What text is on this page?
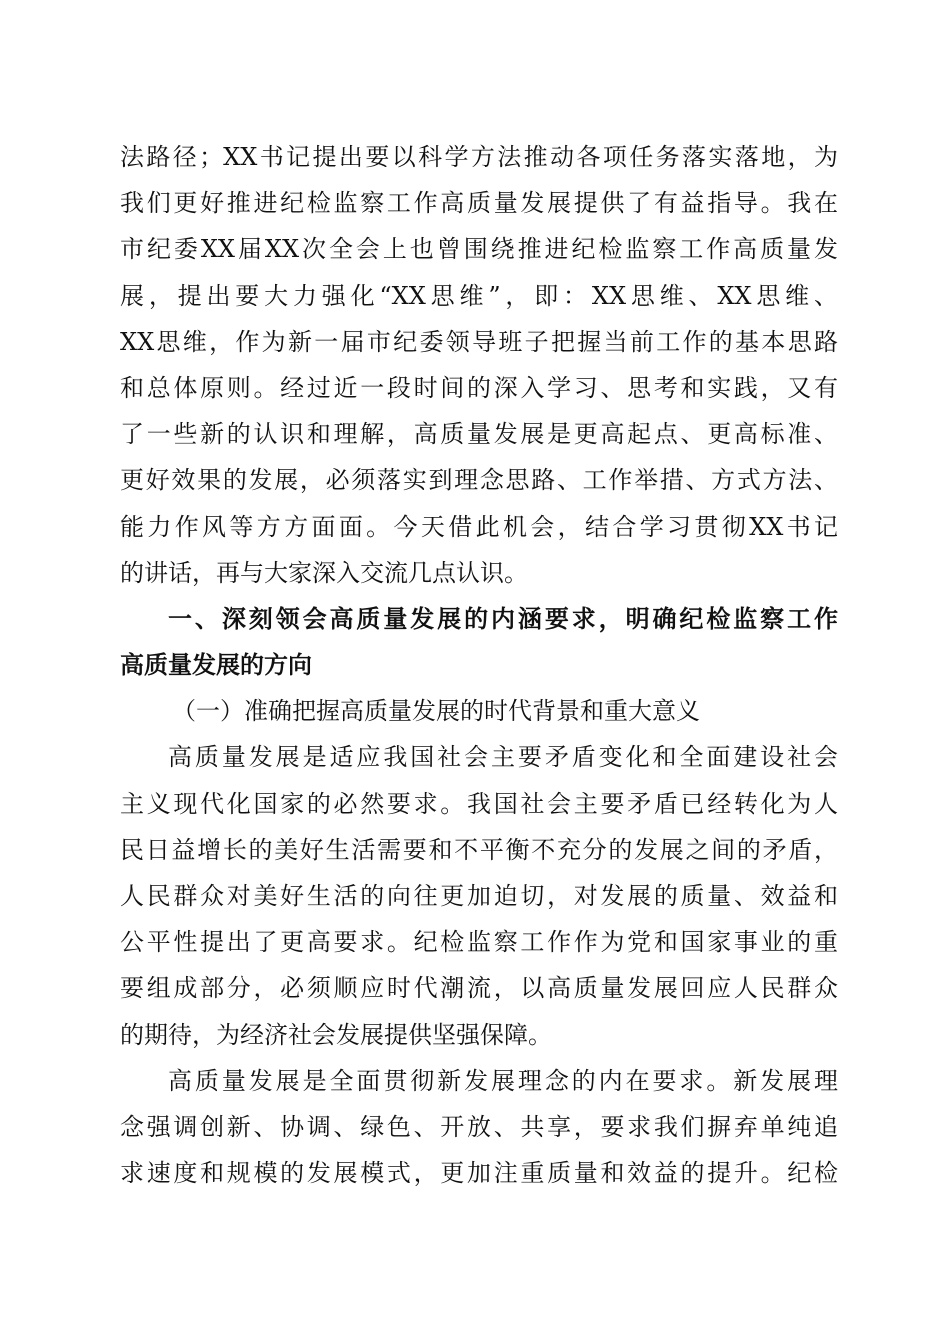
法路径；XX书记提出要以科学方法推动各项任务落实落地，为
我们更好推进纪检监察工作高质量发展提供了有益指导。我在
市纪委XX届XX次全会上也曾围绕推进纪检监察工作高质量发
展，提出要大力强化“XX思维”，即：XX思维、XX思维、
XX思维，作为新一届市纪委领导班子把握当前工作的基本思路
和总体原则。经过近一段时间的深入学习、思考和实践，又有
了一些新的认识和理解，高质量发展是更高起点、更高标准、
更好效果的发展，必须落实到理念思路、工作举措、方式方法、
能力作风等方方面面。今天借此机会，结合学习贯彻XX书记
的讲话，再与大家深入交流几点认识。
一、深刻领会高质量发展的内涵要求，明确纪检监察工作
高质量发展的方向
（一）准确把握高质量发展的时代背景和重大意义
高质量发展是适应我国社会主要矛盾变化和全面建设社会
主义现代化国家的必然要求。我国社会主要矛盾已经转化为人
民日益增长的美好生活需要和不平衡不充分的发展之间的矛盾，
人民群众对美好生活的向往更加迫切，对发展的质量、效益和
公平性提出了更高要求。纪检监察工作作为党和国家事业的重
要组成部分，必须顺应时代潮流，以高质量发展回应人民群众
的期待，为经济社会发展提供坚强保障。
高质量发展是全面贯彻新发展理念的内在要求。新发展理
念强调创新、协调、绿色、开放、共享，要求我们摒弃单纯追
求速度和规模的发展模式，更加注重质量和效益的提升。纪检
